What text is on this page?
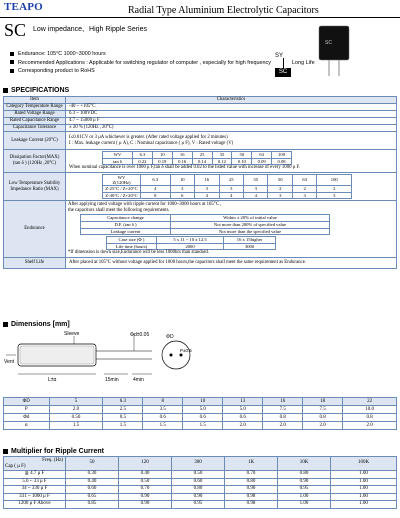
TEAPO	Radial Type Aluminium Electrolytic Capacitors
SC Low impedance、High Ripple Series
Endurance: 105°C 1000~3000 hours
Recommended Applications : Applicable for switching regulator of computer , especially for high frequency
Corresponding product to RoHS
SY
Long Life
SC
SC
SPECIFICATIONS
Item	Characteristics
Category Temperature Range	-40 ~ +105°C
Rated Voltage Range	6.3 ~ 100VDC
Rated Capacitance Range	4.7 ~ 15000 μ F
Capacitance Tolerance	± 20 % (120Hz , 20°C)
Leakage Current (20°C)	
I≤0.01CV or 3 μA whichever is greater. (After rated voltage applied for 2 minutes)
I : Max. leakage current ( μ A), C : Nominal capacitance ( μ F), V : Rated voltage (V)

Dissipation Factor(MAX)
(tan δ ) (120Hz ,20°C)

WV	6.3	10	16	25	35	50	63	100
tan δ	0.22	0.19	0.16	0.14	0.12	0.10	0.09	0.08
When nominal capacitance is over 1000 μ F,tan δ shall be added 0.02 to the listed value with increase of every 1000 μ F.

Low Temperature Stability
Impedance Ratio (MAX)

WV
Z(120Hz)
	6.3	10	16	25	35	50	63	100
Z-25°C / Z+20°C	4	3	3	3	3	2	2	2
Z-40°C / Z+20°C	8	6	4	4	4	3	3	3

Endurance	
After applying rated voltage with ripple current for 1000~3000 hours at 105°C ,
the capacitors shall meet the following requirements.
Capacitance change	Within ± 20% of initial value
D.F. (tan δ )	Not more than 200% of specified value
Leakage current	Not more than the specified value
Case size (Φ )	5 x 11 ~ 10 x 12.5	16 x 15higher
Life time (hours)	2000	3000
*If dimension is down size,Endurance will be less 1000hrs than standard.

Shelf Life	After placed at 105°C without voltage applied for 1000 hours,the capacitors shall meet the same requirement as Endurance.
Dimensions [mm]
Sleeve
Vent
L±α	15min	4min
Φd±0.05	ΦD
P±0.5
ΦD	5	6.3	8	10	13	16	18	22
P	2.0	2.5	3.5	5.0	5.0	7.5	7.5	10.0
Φd	0.50	0.5	0.6	0.6	0.6	0.8	0.8	0.8
α	1.5	1.5	1.5	1.5	2.0	2.0	2.0	2.0
Multiplier for Ripple Current
Freq. (Hz)
Cap ( μ F)	50	120	300	1K	10K	100K
≦ 4.7 μ F	0.30	0.40	0.50	0.70	0.80	1.00
5.6 ~ 33 μ F	0.40	0.50	0.60	0.80	0.90	1.00
34 ~ 330 μ F	0.60	0.70	0.80	0.90	0.95	1.00
331 ~ 1000 μ F	0.65	0.90	0.90	0.98	1.00	1.00
1200 μ F Above	0.85	0.90	0.95	0.98	1.00	1.00
